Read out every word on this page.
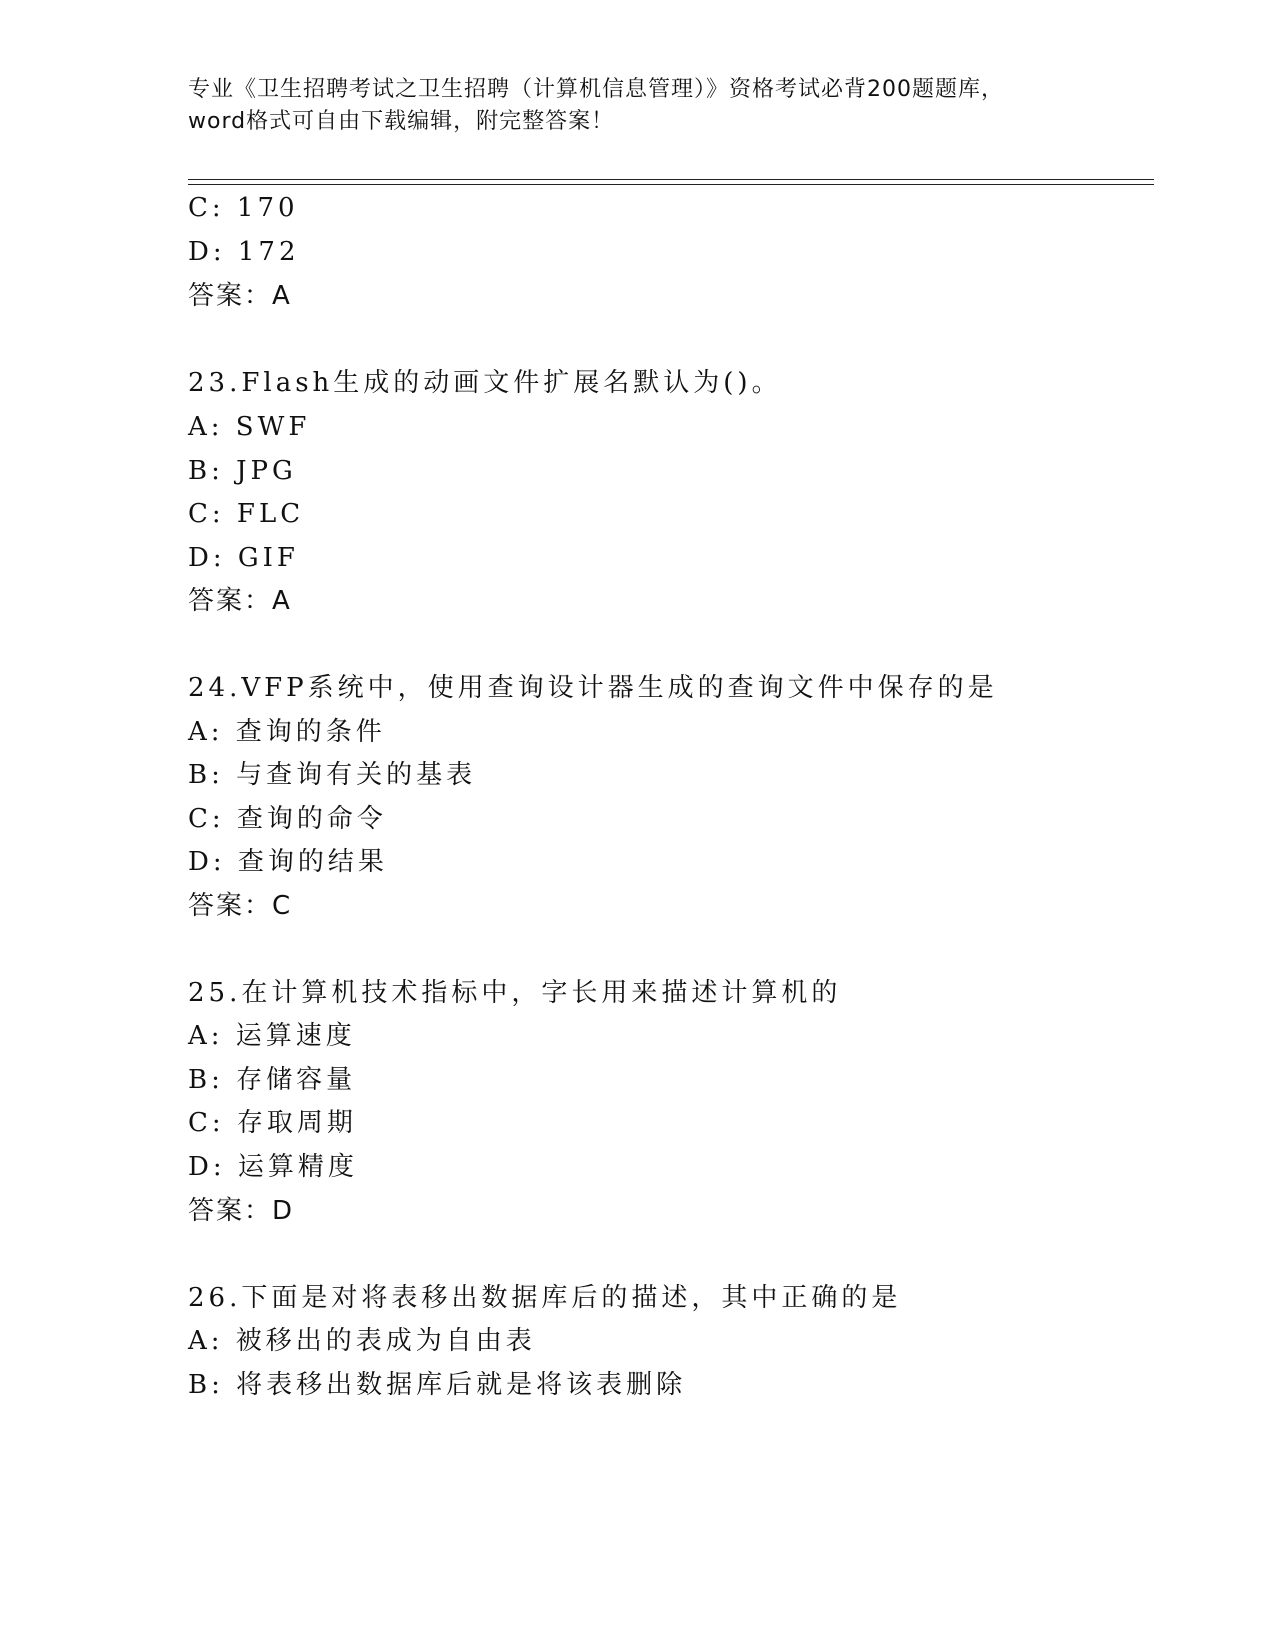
专业《卫生招聘考试之卫生招聘（计算机信息管理）》资格考试必背200题题库，
word格式可自由下载编辑，附完整答案！
C: 170
D: 172
答案：A
23.Flash生成的动画文件扩展名默认为()。
A: SWF
B: JPG
C: FLC
D: GIF
答案：A
24.VFP系统中，使用查询设计器生成的查询文件中保存的是
A: 查询的条件
B: 与查询有关的基表
C: 查询的命令
D: 查询的结果
答案：C
25.在计算机技术指标中，字长用来描述计算机的
A: 运算速度
B: 存储容量
C: 存取周期
D: 运算精度
答案：D
26.下面是对将表移出数据库后的描述，其中正确的是
A: 被移出的表成为自由表
B: 将表移出数据库后就是将该表删除
